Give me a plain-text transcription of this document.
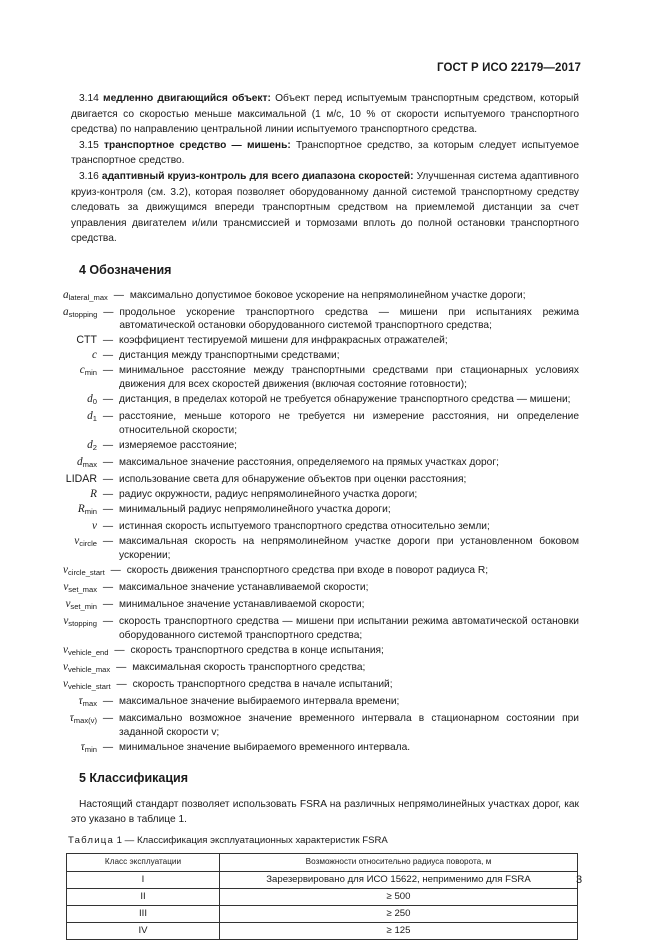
ГОСТ Р ИСО 22179—2017

3.14 медленно двигающийся объект: Объект перед испытуемым транспортным средством, который двигается со скоростью меньше максимальной (1 м/с, 10 % от скорости испытуемого транспортного средства) по направлению центральной линии испытуемого транспортного средства.

3.15 транспортное средство — мишень: Транспортное средство, за которым следует испытуемое транспортное средство.

3.16 адаптивный круиз-контроль для всего диапазона скоростей: Улучшенная система адаптивного круиз-контроля (см. 3.2), которая позволяет оборудованному данной системой транспортному средству следовать за движущимся впереди транспортным средством на приемлемой дистанции за счет управления двигателем и/или трансмиссией и тормозами вплоть до полной остановки транспортного средства.

4 Обозначения
$a_{lateral\_max}$ — максимально допустимое боковое ускорение на непрямолинейном участке дороги;
$a_{stopping}$ — продольное ускорение транспортного средства — мишени при испытаниях режима автоматической остановки оборудованного системой транспортного средства;
CTT — коэффициент тестируемой мишени для инфракрасных отражателей;
c — дистанция между транспортными средствами;
$c_{min}$ — минимальное расстояние между транспортными средствами при стационарных условиях движения для всех скоростей движения (включая состояние готовности);
$d_0$ — дистанция, в пределах которой не требуется обнаружение транспортного средства — мишени;
$d_1$ — расстояние, меньше которого не требуется ни измерение расстояния, ни определение относительной скорости;
$d_2$ — измеряемое расстояние;
$d_{max}$ — максимальное значение расстояния, определяемого на прямых участках дорог;
LIDAR — использование света для обнаружение объектов при оценки расстояния;
R — радиус окружности, радиус непрямолинейного участка дороги;
$R_{min}$ — минимальный радиус непрямолинейного участка дороги;
v — истинная скорость испытуемого транспортного средства относительно земли;
$v_{circle}$ — максимальная скорость на непрямолинейном участке дороги при установленном боковом ускорении;
$v_{circle\_start}$ — скорость движения транспортного средства при входе в поворот радиуса R;
$v_{set\_max}$ — максимальное значение устанавливаемой скорости;
$v_{set\_min}$ — минимальное значение устанавливаемой скорости;
$v_{stopping}$ — скорость транспортного средства — мишени при испытании режима автоматической остановки оборудованного системой транспортного средства;
$v_{vehicle\_end}$ — скорость транспортного средства в конце испытания;
$v_{vehicle\_max}$ — максимальная скорость транспортного средства;
$v_{vehicle\_start}$ — скорость транспортного средства в начале испытаний;
$\tau_{max}$ — максимальное значение выбираемого интервала времени;
$\tau_{max(v)}$ — максимально возможное значение временного интервала в стационарном состоянии при заданной скорости v;
$\tau_{min}$ — минимальное значение выбираемого временного интервала.
5 Классификация

Настоящий стандарт позволяет использовать FSRA на различных непрямолинейных участках дорог, как это указано в таблице 1.

Таблица 1 — Классификация эксплуатационных характеристик FSRA
Класс эксплуатации	Возможности относительно радиуса поворота, м
I	Зарезервировано для ИСО 15622, неприменимо для FSRA
II	≥ 500
III	≥ 250
IV	≥ 125
3
